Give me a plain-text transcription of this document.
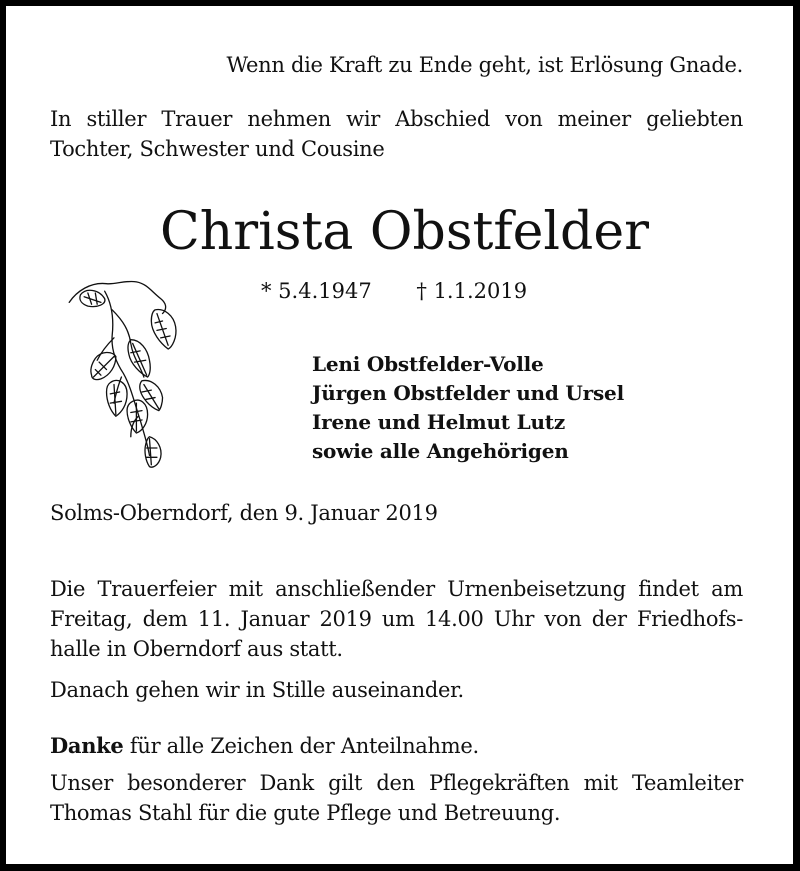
Wenn die Kraft zu Ende geht, ist Erlösung Gnade.
In stiller Trauer nehmen wir Abschied von meiner geliebten
Tochter, Schwester und Cousine
Christa Obstfelder
* 5.4.1947 † 1.1.2019
Leni Obstfelder-Volle
Jürgen Obstfelder und Ursel
Irene und Helmut Lutz
sowie alle Angehörigen
Solms-Oberndorf, den 9. Januar 2019
Die Trauerfeier mit anschließender Urnenbeisetzung findet am
Freitag, dem 11. Januar 2019 um 14.00 Uhr von der Friedhofs-
halle in Oberndorf aus statt.
Danach gehen wir in Stille auseinander.
Danke für alle Zeichen der Anteilnahme.
Unser besonderer Dank gilt den Pflegekräften mit Teamleiter
Thomas Stahl für die gute Pflege und Betreuung.
